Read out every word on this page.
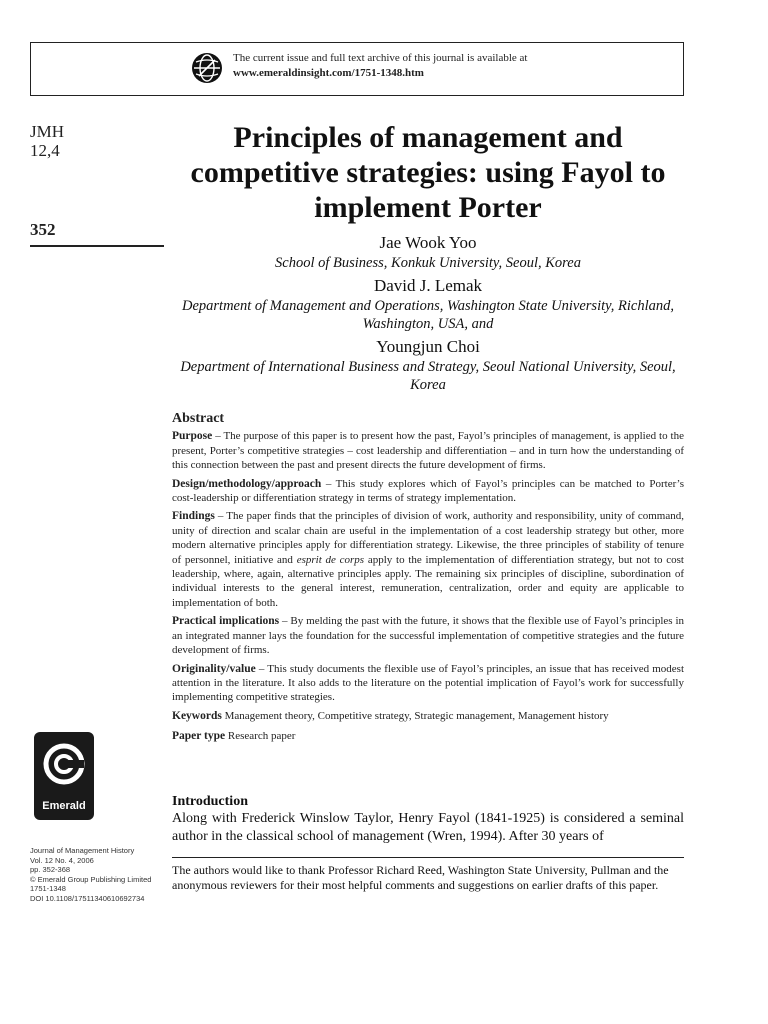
The current issue and full text archive of this journal is available at
www.emeraldinsight.com/1751-1348.htm
JMH
12,4
352
Principles of management and competitive strategies: using Fayol to implement Porter
Jae Wook Yoo
School of Business, Konkuk University, Seoul, Korea
David J. Lemak
Department of Management and Operations, Washington State University, Richland, Washington, USA, and
Youngjun Choi
Department of International Business and Strategy, Seoul National University, Seoul, Korea
Abstract

Purpose – The purpose of this paper is to present how the past, Fayol’s principles of management, is applied to the present, Porter’s competitive strategies – cost leadership and differentiation – and in turn how the understanding of this connection between the past and present directs the future development of firms.

Design/methodology/approach – This study explores which of Fayol’s principles can be matched to Porter’s cost-leadership or differentiation strategy in terms of strategy implementation.

Findings – The paper finds that the principles of division of work, authority and responsibility, unity of command, unity of direction and scalar chain are useful in the implementation of a cost leadership strategy but other, more modern alternative principles apply for differentiation strategy. Likewise, the three principles of stability of tenure of personnel, initiative and esprit de corps apply to the implementation of differentiation strategy, but not to cost leadership, where, again, alternative principles apply. The remaining six principles of discipline, subordination of individual interests to the general interest, remuneration, centralization, order and equity are applicable to implementation of both.

Practical implications – By melding the past with the future, it shows that the flexible use of Fayol’s principles in an integrated manner lays the foundation for the successful implementation of competitive strategies and the future development of firms.

Originality/value – This study documents the flexible use of Fayol’s principles, an issue that has received modest attention in the literature. It also adds to the literature on the potential implication of Fayol’s work for successfully implementing competitive strategies.

Keywords Management theory, Competitive strategy, Strategic management, Management history
Paper type Research paper
Emerald
Journal of Management History
Vol. 12 No. 4, 2006
pp. 352-368
© Emerald Group Publishing Limited
1751-1348
DOI 10.1108/17511340610692734
Introduction
Along with Frederick Winslow Taylor, Henry Fayol (1841-1925) is considered a seminal author in the classical school of management (Wren, 1994). After 30 years of
The authors would like to thank Professor Richard Reed, Washington State University, Pullman and the anonymous reviewers for their most helpful comments and suggestions on earlier drafts of this paper.
